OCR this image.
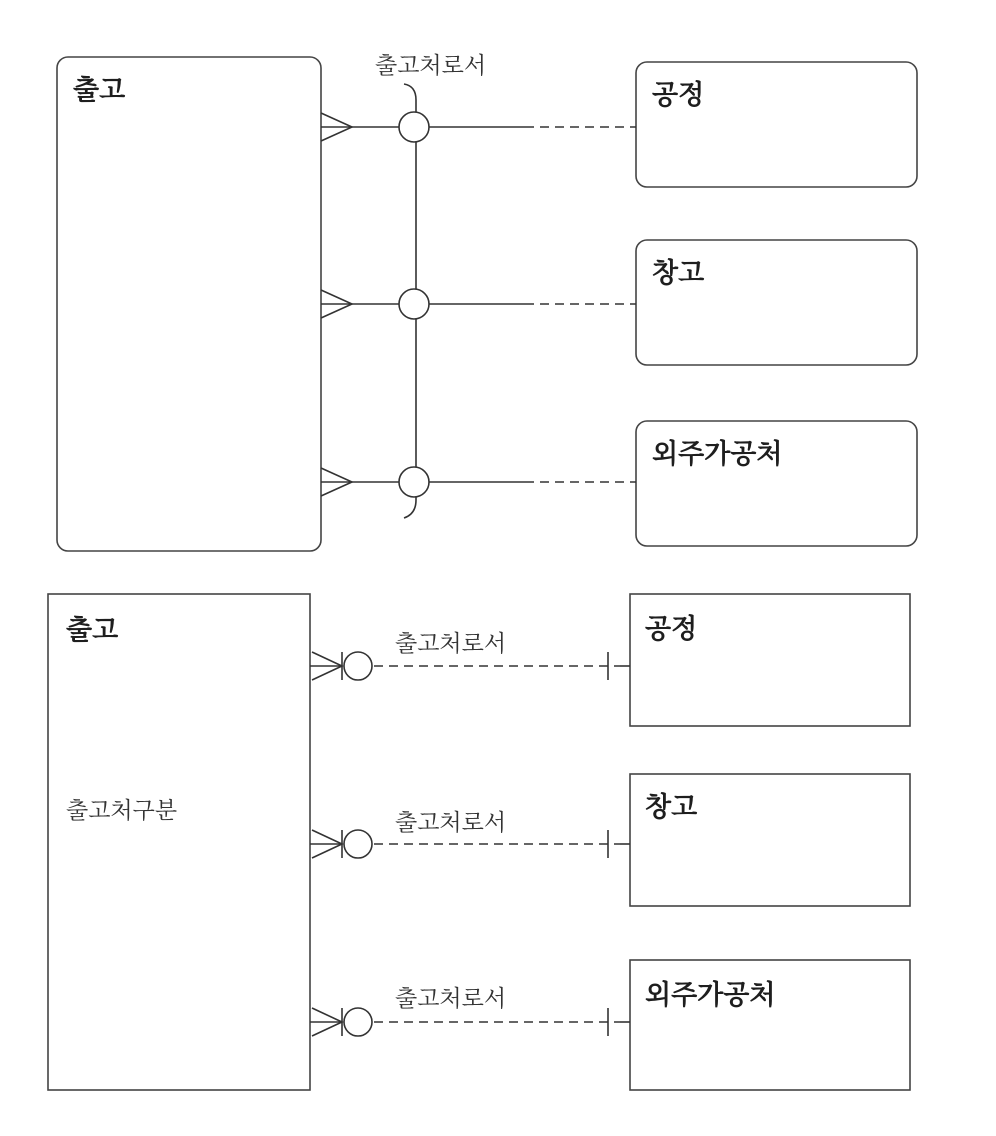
출고	공정
창고
외주가공처
출고처로서
출고
출고처구분
공정
창고
외주가공처
출고처로서
출고처로서
출고처로서
